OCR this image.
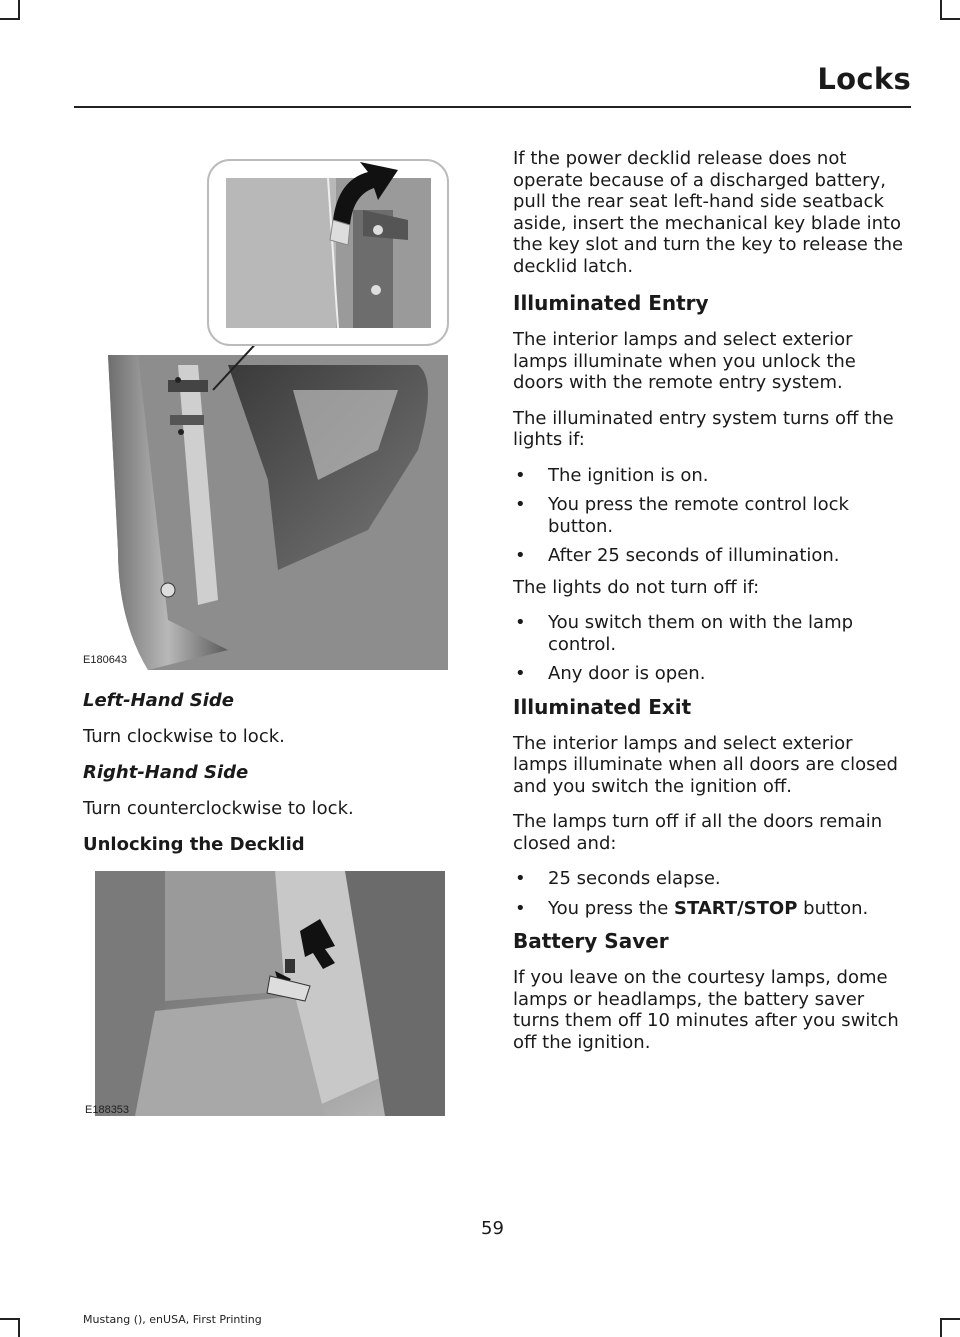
Locks
E180643
Left-Hand Side

Turn clockwise to lock.

Right-Hand Side

Turn counterclockwise to lock.

Unlocking the Decklid
E188353

If the power decklid release does not operate because of a discharged battery, pull the rear seat left-hand side seatback aside, insert the mechanical key blade into the key slot and turn the key to release the decklid latch.

Illuminated Entry

The interior lamps and select exterior lamps illuminate when you unlock the doors with the remote entry system.

The illuminated entry system turns off the lights if:

• The ignition is on.
• You press the remote control lock button.
• After 25 seconds of illumination.

The lights do not turn off if:

• You switch them on with the lamp control.
• Any door is open.
Illuminated Exit

The interior lamps and select exterior lamps illuminate when all doors are closed and you switch the ignition off.

The lamps turn off if all the doors remain closed and:

• 25 seconds elapse.
• You press the START/STOP button.
Battery Saver

If you leave on the courtesy lamps, dome lamps or headlamps, the battery saver turns them off 10 minutes after you switch off the ignition.

59
Mustang (), enUSA, First Printing
